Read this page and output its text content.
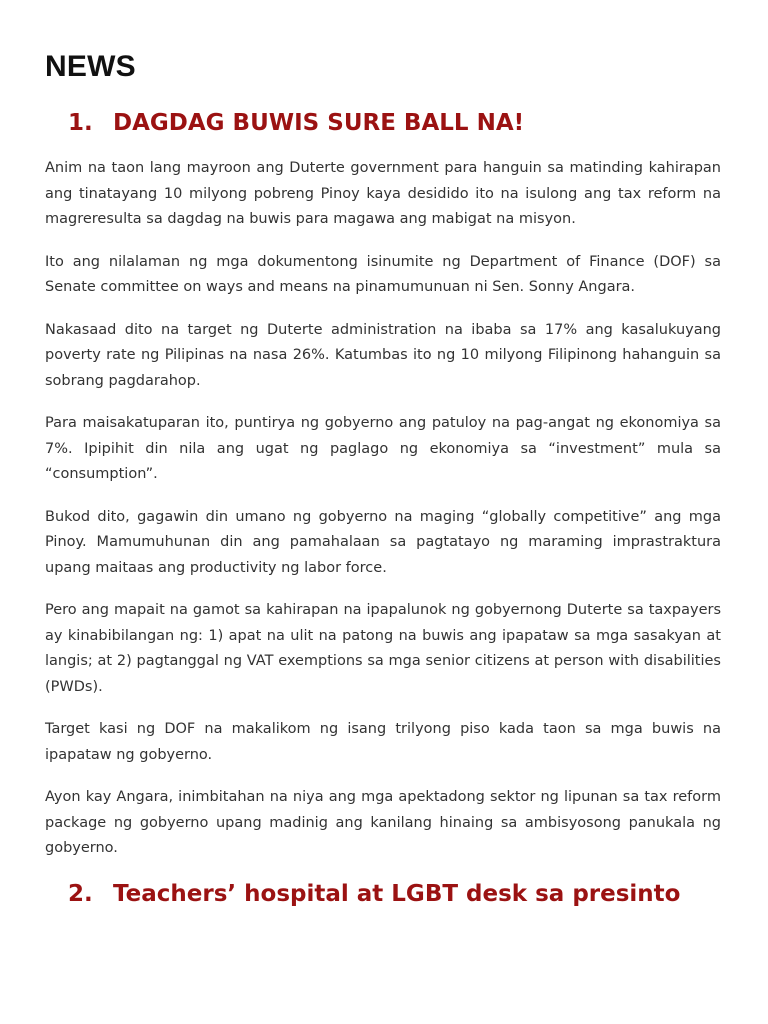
NEWS
1. DAGDAG BUWIS SURE BALL NA!

Anim na taon lang mayroon ang Duterte government para hanguin sa matinding kahirapan ang tinatayang 10 milyong pobreng Pinoy kaya desidido ito na isulong ang tax reform na magreresulta sa dagdag na buwis para magawa ang mabigat na misyon.

Ito ang nilalaman ng mga dokumentong isinumite ng Department of Finance (DOF) sa Senate committee on ways and means na pinamumunuan ni Sen. Sonny Angara.

Nakasaad dito na target ng Duterte administration na ibaba sa 17% ang kasalukuyang poverty rate ng Pilipinas na nasa 26%. Katumbas ito ng 10 milyong Filipinong hahanguin sa sobrang pagdarahop.

Para maisakatuparan ito, puntirya ng gobyerno ang patuloy na pag-angat ng ekonomiya sa 7%. Ipipihit din nila ang ugat ng paglago ng ekonomiya sa “investment” mula sa “consumption”.

Bukod dito, gagawin din umano ng gobyerno na maging “globally competitive” ang mga Pinoy. Mamumuhunan din ang pamahalaan sa pagtatayo ng maraming imprastraktura upang maitaas ang productivity ng labor force.

Pero ang mapait na gamot sa kahirapan na ipapalunok ng gobyernong Duterte sa taxpayers ay kinabibilangan ng: 1) apat na ulit na patong na buwis ang ipapataw sa mga sasakyan at langis; at 2) pagtanggal ng VAT exemptions sa mga senior citizens at person with disabilities (PWDs).

Target kasi ng DOF na makalikom ng isang trilyong piso kada taon sa mga buwis na ipapataw ng gobyerno.

Ayon kay Angara, inimbitahan na niya ang mga apektadong sektor ng lipunan sa tax reform package ng gobyerno upang madinig ang kanilang hinaing sa ambisyosong panukala ng gobyerno.

2. Teachers’ hospital at LGBT desk sa presinto
